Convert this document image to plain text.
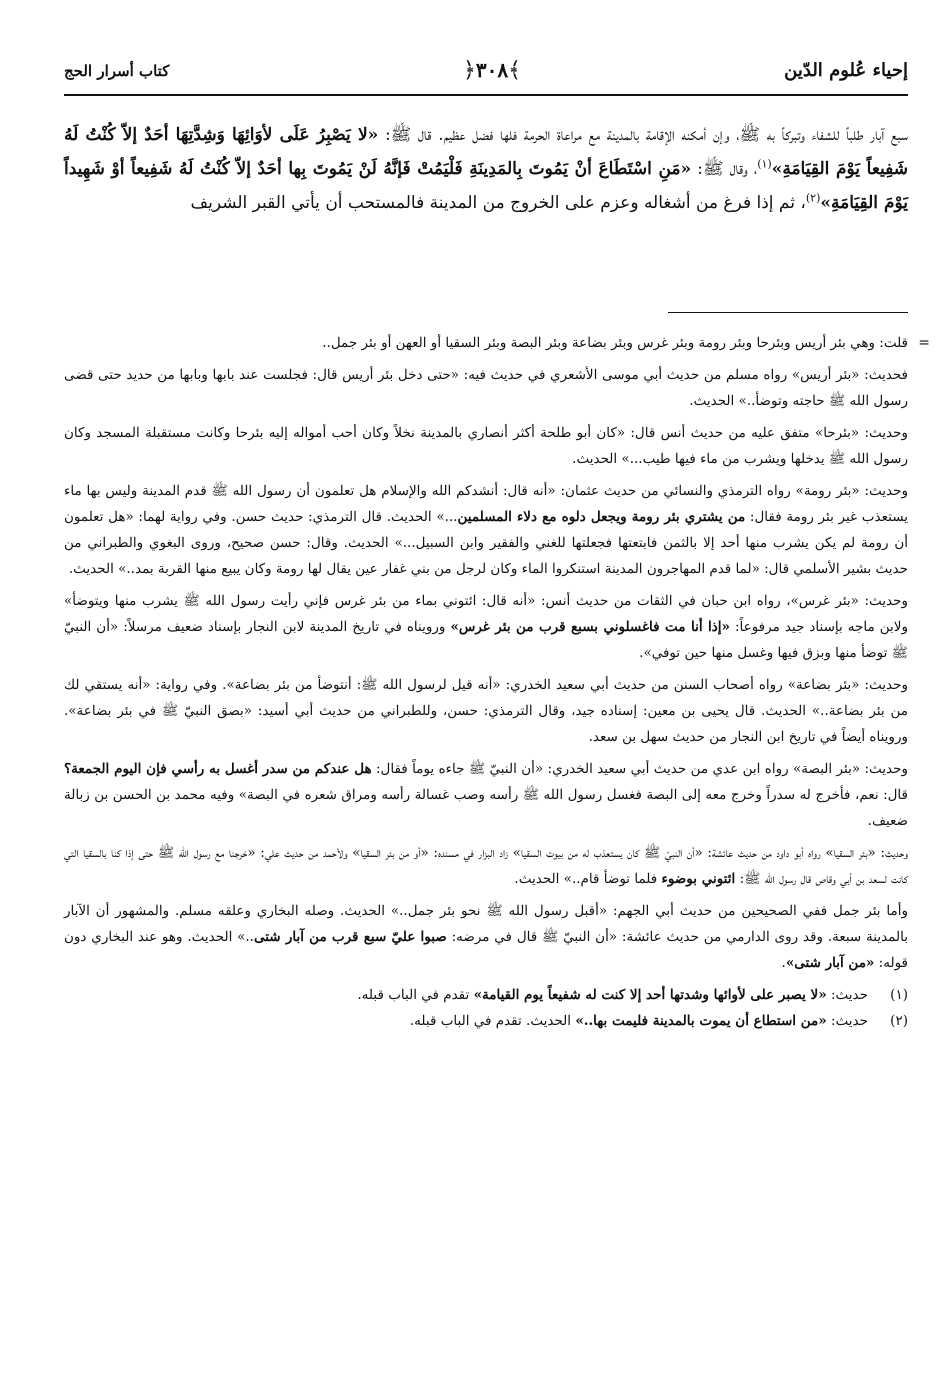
إحياء عُلوم الدّين
﴾٣٠٨﴿
كتاب أسرار الحج

سبع آبار طلباً للشفاء وتبركاً به ﷺ، وإن أمكنه الإقامة بالمدينة مع مراعاة الحرمة فلها فضل عظيم. قال ﷺ: «لا يَصْبِرُ عَلَى لأوَائِهَا وَشِدَّتِهَا أحَدٌ إلاّ كُنْتُ لَهُ شَفِيعاً يَوْمَ القِيَامَةِ»$^{(١)}$، وقال ﷺ: «مَنِ اسْتَطَاعَ أنْ يَمُوتَ بِالمَدِينَةِ فَلْيَمُتْ فَإنَّهُ لَنْ يَمُوتَ بِها أحَدٌ إلاّ كُنْتُ لَهُ شَفِيعاً أوْ شَهِيداً يَوْمَ القِيَامَةِ»$^{(٢)}$، ثم إذا فرغ من أشغاله وعزم على الخروج من المدينة فالمستحب أن يأتي القبر الشريف

=
قلت: وهي بئر أريس وبئرحا وبئر رومة وبئر غرس وبئر بضاعة وبئر البصة وبئر السقيا أو العهن أو بئر جمل..

فحديث: «بئر أريس» رواه مسلم من حديث أبي موسى الأشعري في حديث فيه: «حتى دخل بئر أريس قال: فجلست عند بابها وبابها من حديد حتى قضى رسول الله ﷺ حاجته وتوضأ..» الحديث.

وحديث: «بئرحا» متفق عليه من حديث أنس قال: «كان أبو طلحة أكثر أنصاري بالمدينة نخلاً وكان أحب أمواله إليه بئرحا وكانت مستقبلة المسجد وكان رسول الله ﷺ يدخلها ويشرب من ماء فيها طيب...» الحديث.

وحديث: «بئر رومة» رواه الترمذي والنسائي من حديث عثمان: «أنه قال: أنشدكم الله والإسلام هل تعلمون أن رسول الله ﷺ قدم المدينة وليس بها ماء يستعذب غير بئر رومة فقال: من يشتري بئر رومة ويجعل دلوه مع دلاء المسلمين...» الحديث. قال الترمذي: حديث حسن. وفي رواية لهما: «هل تعلمون أن رومة لم يكن يشرب منها أحد إلا بالثمن فابتعتها فجعلتها للغني والفقير وابن السبيل...» الحديث. وقال: حسن صحيح، وروى البغوي والطبراني من حديث بشير الأسلمي قال: «لما قدم المهاجرون المدينة استنكروا الماء وكان لرجل من بني غفار عين يقال لها رومة وكان يبيع منها القربة بمد..» الحديث.

وحديث: «بئر غرس»، رواه ابن حبان في الثقات من حديث أنس: «أنه قال: ائتوني بماء من بئر غرس فإني رأيت رسول الله ﷺ يشرب منها ويتوضأ» ولابن ماجه بإسناد جيد مرفوعاً: «إذا أنا مت فاغسلوني بسبع قرب من بئر غرس» ورويناه في تاريخ المدينة لابن النجار بإسناد ضعيف مرسلاً: «أن النبيّ ﷺ توضأ منها وبزق فيها وغسل منها حين توفي».

وحديث: «بئر بضاعة» رواه أصحاب السنن من حديث أبي سعيد الخدري: «أنه قيل لرسول الله ﷺ: أنتوضأ من بئر بضاعة». وفي رواية: «أنه يستقي لك من بئر بضاعة..» الحديث. قال يحيى بن معين: إسناده جيد، وقال الترمذي: حسن، وللطبراني من حديث أبي أسيد: «بصق النبيّ ﷺ في بئر بضاعة». ورويناه أيضاً في تاريخ ابن النجار من حديث سهل بن سعد.

وحديث: «بئر البصة» رواه ابن عدي من حديث أبي سعيد الخدري: «أن النبيّ ﷺ جاءه يوماً فقال: هل عندكم من سدر أغسل به رأسي فإن اليوم الجمعة؟ قال: نعم، فأخرج له سدراً وخرج معه إلى البصة فغسل رسول الله ﷺ رأسه وصب غسالة رأسه ومراق شعره في البصة» وفيه محمد بن الحسن بن زبالة ضعيف.

وحديث: «بئر السقيا» رواه أبو داود من حديث عائشة: «أن النبيّ ﷺ كان يستعذب له من بيوت السقيا» زاد البزار في مسنده: «أو من بئر السقيا» ولأحمد من حديث علي: «خرجنا مع رسول الله ﷺ حتى إذا كنا بالسقيا التي كانت لسعد بن أبي وقاص قال رسول الله ﷺ: ائتوني بوضوء فلما توضأ قام..» الحديث.

وأما بئر جمل ففي الصحيحين من حديث أبي الجهم: «أقبل رسول الله ﷺ نحو بئر جمل..» الحديث. وصله البخاري وعلقه مسلم. والمشهور أن الآبار بالمدينة سبعة. وقد روى الدارمي من حديث عائشة: «أن النبيّ ﷺ قال في مرضه: صبوا عليّ سبع قرب من آبار شتى..» الحديث. وهو عند البخاري دون قوله: «من آبار شتى».

(١)
حديث: «لا يصبر على لأوائها وشدتها أحد إلا كنت له شفيعاً يوم القيامة» تقدم في الباب قبله.
(٢)
حديث: «من استطاع أن يموت بالمدينة فليمت بها..» الحديث. تقدم في الباب قبله.
